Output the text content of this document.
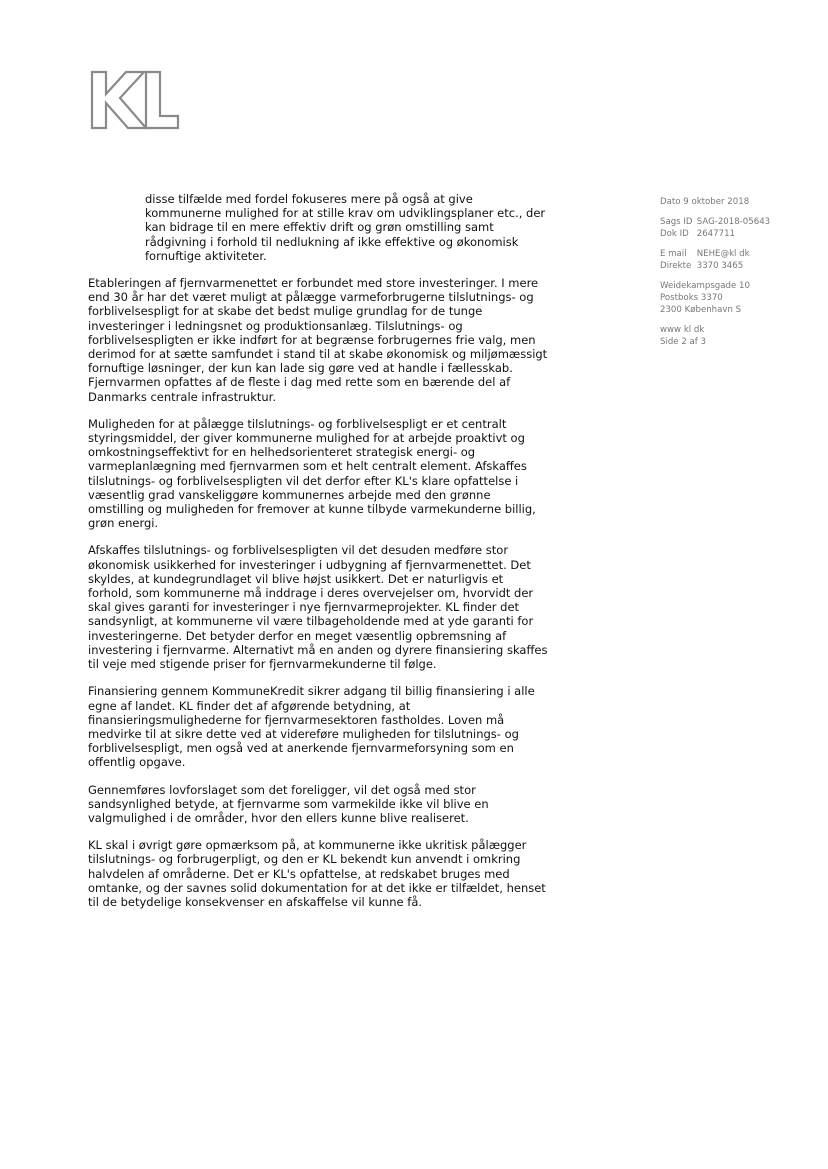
Dato 9 oktober 2018
Sags ID SAG-2018-05643
Dok ID 2647711
E mail NEHE@kl dk
Direkte 3370 3465
Weidekampsgade 10
Postboks 3370
2300 København S
www kl dk
Side 2 af 3

disse tilfælde med fordel fokuseres mere på også at give kommunerne mulighed for at stille krav om udviklingsplaner etc., der kan bidrage til en mere effektiv drift og grøn omstilling samt rådgivning i forhold til nedlukning af ikke effektive og økonomisk fornuftige aktiviteter.

Etableringen af fjernvarmenettet er forbundet med store investeringer. I mere end 30 år har det været muligt at pålægge varmeforbrugerne tilslutnings- og forblivelsespligt for at skabe det bedst mulige grundlag for de tunge investeringer i ledningsnet og produktionsanlæg. Tilslutnings- og forblivelsespligten er ikke indført for at begrænse forbrugernes frie valg, men derimod for at sætte samfundet i stand til at skabe økonomisk og miljømæssigt fornuftige løsninger, der kun kan lade sig gøre ved at handle i fællesskab. Fjernvarmen opfattes af de fleste i dag med rette som en bærende del af Danmarks centrale infrastruktur.

Muligheden for at pålægge tilslutnings- og forblivelsespligt er et centralt styringsmiddel, der giver kommunerne mulighed for at arbejde proaktivt og omkostningseffektivt for en helhedsorienteret strategisk energi- og varmeplanlægning med fjernvarmen som et helt centralt element. Afskaffes tilslutnings- og forblivelsespligten vil det derfor efter KL's klare opfattelse i væsentlig grad vanskeliggøre kommunernes arbejde med den grønne omstilling og muligheden for fremover at kunne tilbyde varmekunderne billig, grøn energi.

Afskaffes tilslutnings- og forblivelsespligten vil det desuden medføre stor økonomisk usikkerhed for investeringer i udbygning af fjernvarmenettet. Det skyldes, at kundegrundlaget vil blive højst usikkert. Det er naturligvis et forhold, som kommunerne må inddrage i deres overvejelser om, hvorvidt der skal gives garanti for investeringer i nye fjernvarmeprojekter. KL finder det sandsynligt, at kommunerne vil være tilbageholdende med at yde garanti for investeringerne. Det betyder derfor en meget væsentlig opbremsning af investering i fjernvarme. Alternativt må en anden og dyrere finansiering skaffes til veje med stigende priser for fjernvarmekunderne til følge.

Finansiering gennem KommuneKredit sikrer adgang til billig finansiering i alle egne af landet. KL finder det af afgørende betydning, at finansieringsmulighederne for fjernvarmesektoren fastholdes. Loven må medvirke til at sikre dette ved at videreføre muligheden for tilslutnings- og forblivelsespligt, men også ved at anerkende fjernvarmeforsyning som en offentlig opgave.

Gennemføres lovforslaget som det foreligger, vil det også med stor sandsynlighed betyde, at fjernvarme som varmekilde ikke vil blive en valgmulighed i de områder, hvor den ellers kunne blive realiseret.

KL skal i øvrigt gøre opmærksom på, at kommunerne ikke ukritisk pålægger tilslutnings- og forbrugerpligt, og den er KL bekendt kun anvendt i omkring halvdelen af områderne. Det er KL's opfattelse, at redskabet bruges med omtanke, og der savnes solid dokumentation for at det ikke er tilfældet, henset til de betydelige konsekvenser en afskaffelse vil kunne få.
